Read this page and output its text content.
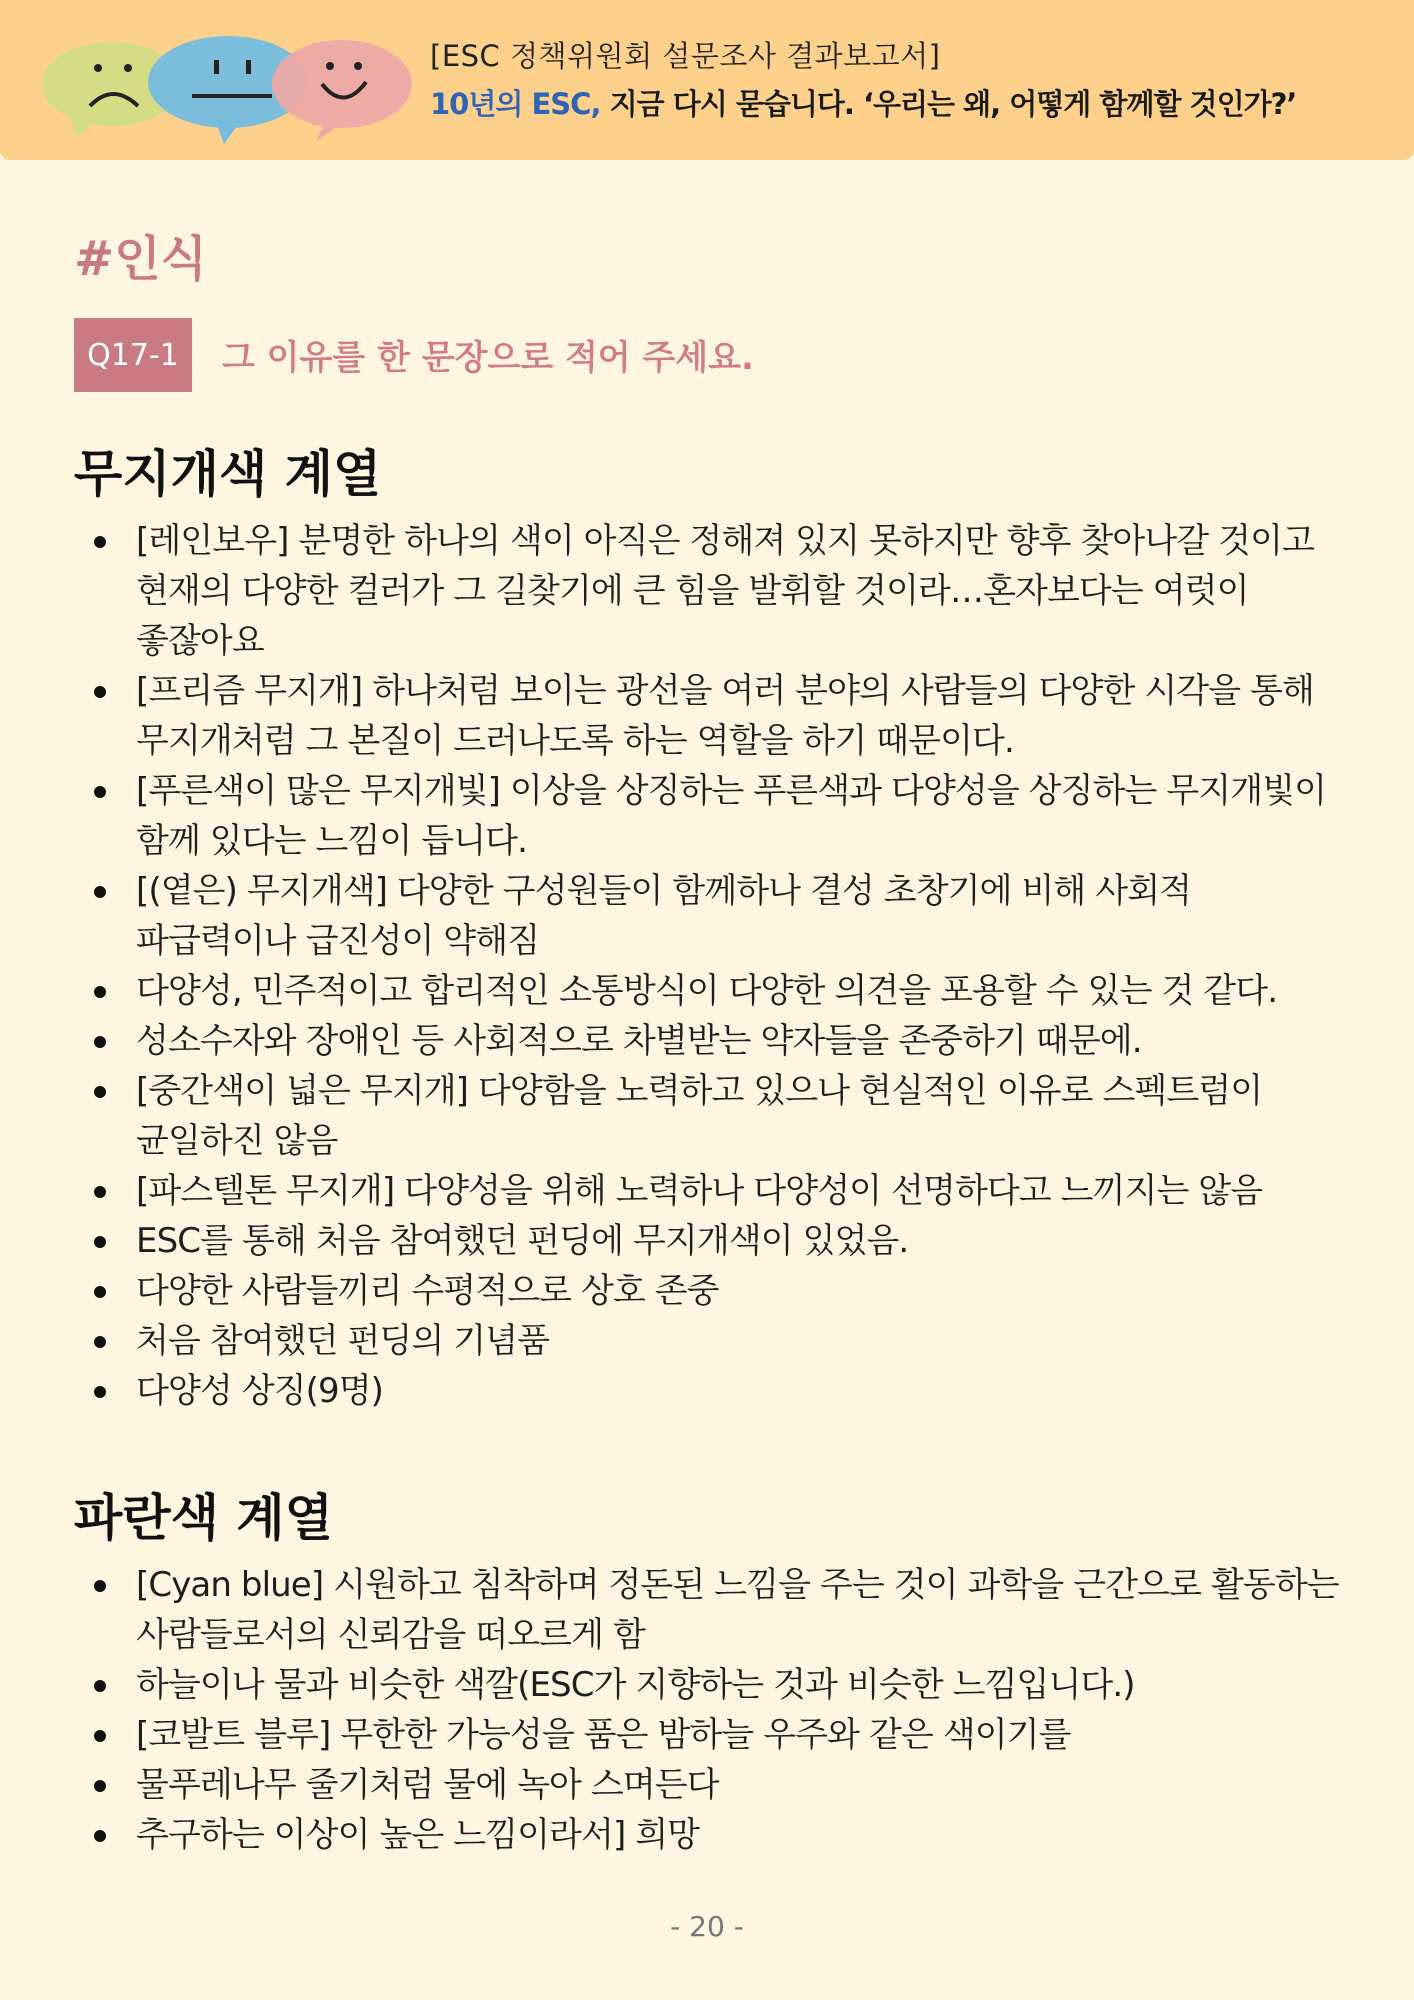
[ESC 정책위원회 설문조사 결과보고서]
10년의 ESC, 지금 다시 묻습니다. ‘우리는 왜, 어떻게 함께할 것인가?’
#인식
Q17-1	그 이유를 한 문장으로 적어 주세요.
무지개색 계열
[레인보우] 분명한 하나의 색이 아직은 정해져 있지 못하지만 향후 찾아나갈 것이고 현재의 다양한 컬러가 그 길찾기에 큰 힘을 발휘할 것이라…혼자보다는 여럿이 좋잖아요
[프리즘 무지개] 하나처럼 보이는 광선을 여러 분야의 사람들의 다양한 시각을 통해 무지개처럼 그 본질이 드러나도록 하는 역할을 하기 때문이다.
[푸른색이 많은 무지개빛] 이상을 상징하는 푸른색과 다양성을 상징하는 무지개빛이 함께 있다는 느낌이 듭니다.
[(옅은) 무지개색] 다양한 구성원들이 함께하나 결성 초창기에 비해 사회적 파급력이나 급진성이 약해짐
다양성, 민주적이고 합리적인 소통방식이 다양한 의견을 포용할 수 있는 것 같다.
성소수자와 장애인 등 사회적으로 차별받는 약자들을 존중하기 때문에.
[중간색이 넓은 무지개] 다양함을 노력하고 있으나 현실적인 이유로 스펙트럼이 균일하진 않음
[파스텔톤 무지개] 다양성을 위해 노력하나 다양성이 선명하다고 느끼지는 않음
ESC를 통해 처음 참여했던 펀딩에 무지개색이 있었음.
다양한 사람들끼리 수평적으로 상호 존중
처음 참여했던 펀딩의 기념품
다양성 상징(9명)
파란색 계열
[Cyan blue] 시원하고 침착하며 정돈된 느낌을 주는 것이 과학을 근간으로 활동하는 사람들로서의 신뢰감을 떠오르게 함
하늘이나 물과 비슷한 색깔(ESC가 지향하는 것과 비슷한 느낌입니다.)
[코발트 블루] 무한한 가능성을 품은 밤하늘 우주와 같은 색이기를
물푸레나무 줄기처럼 물에 녹아 스며든다
추구하는 이상이 높은 느낌이라서] 희망
- 20 -
